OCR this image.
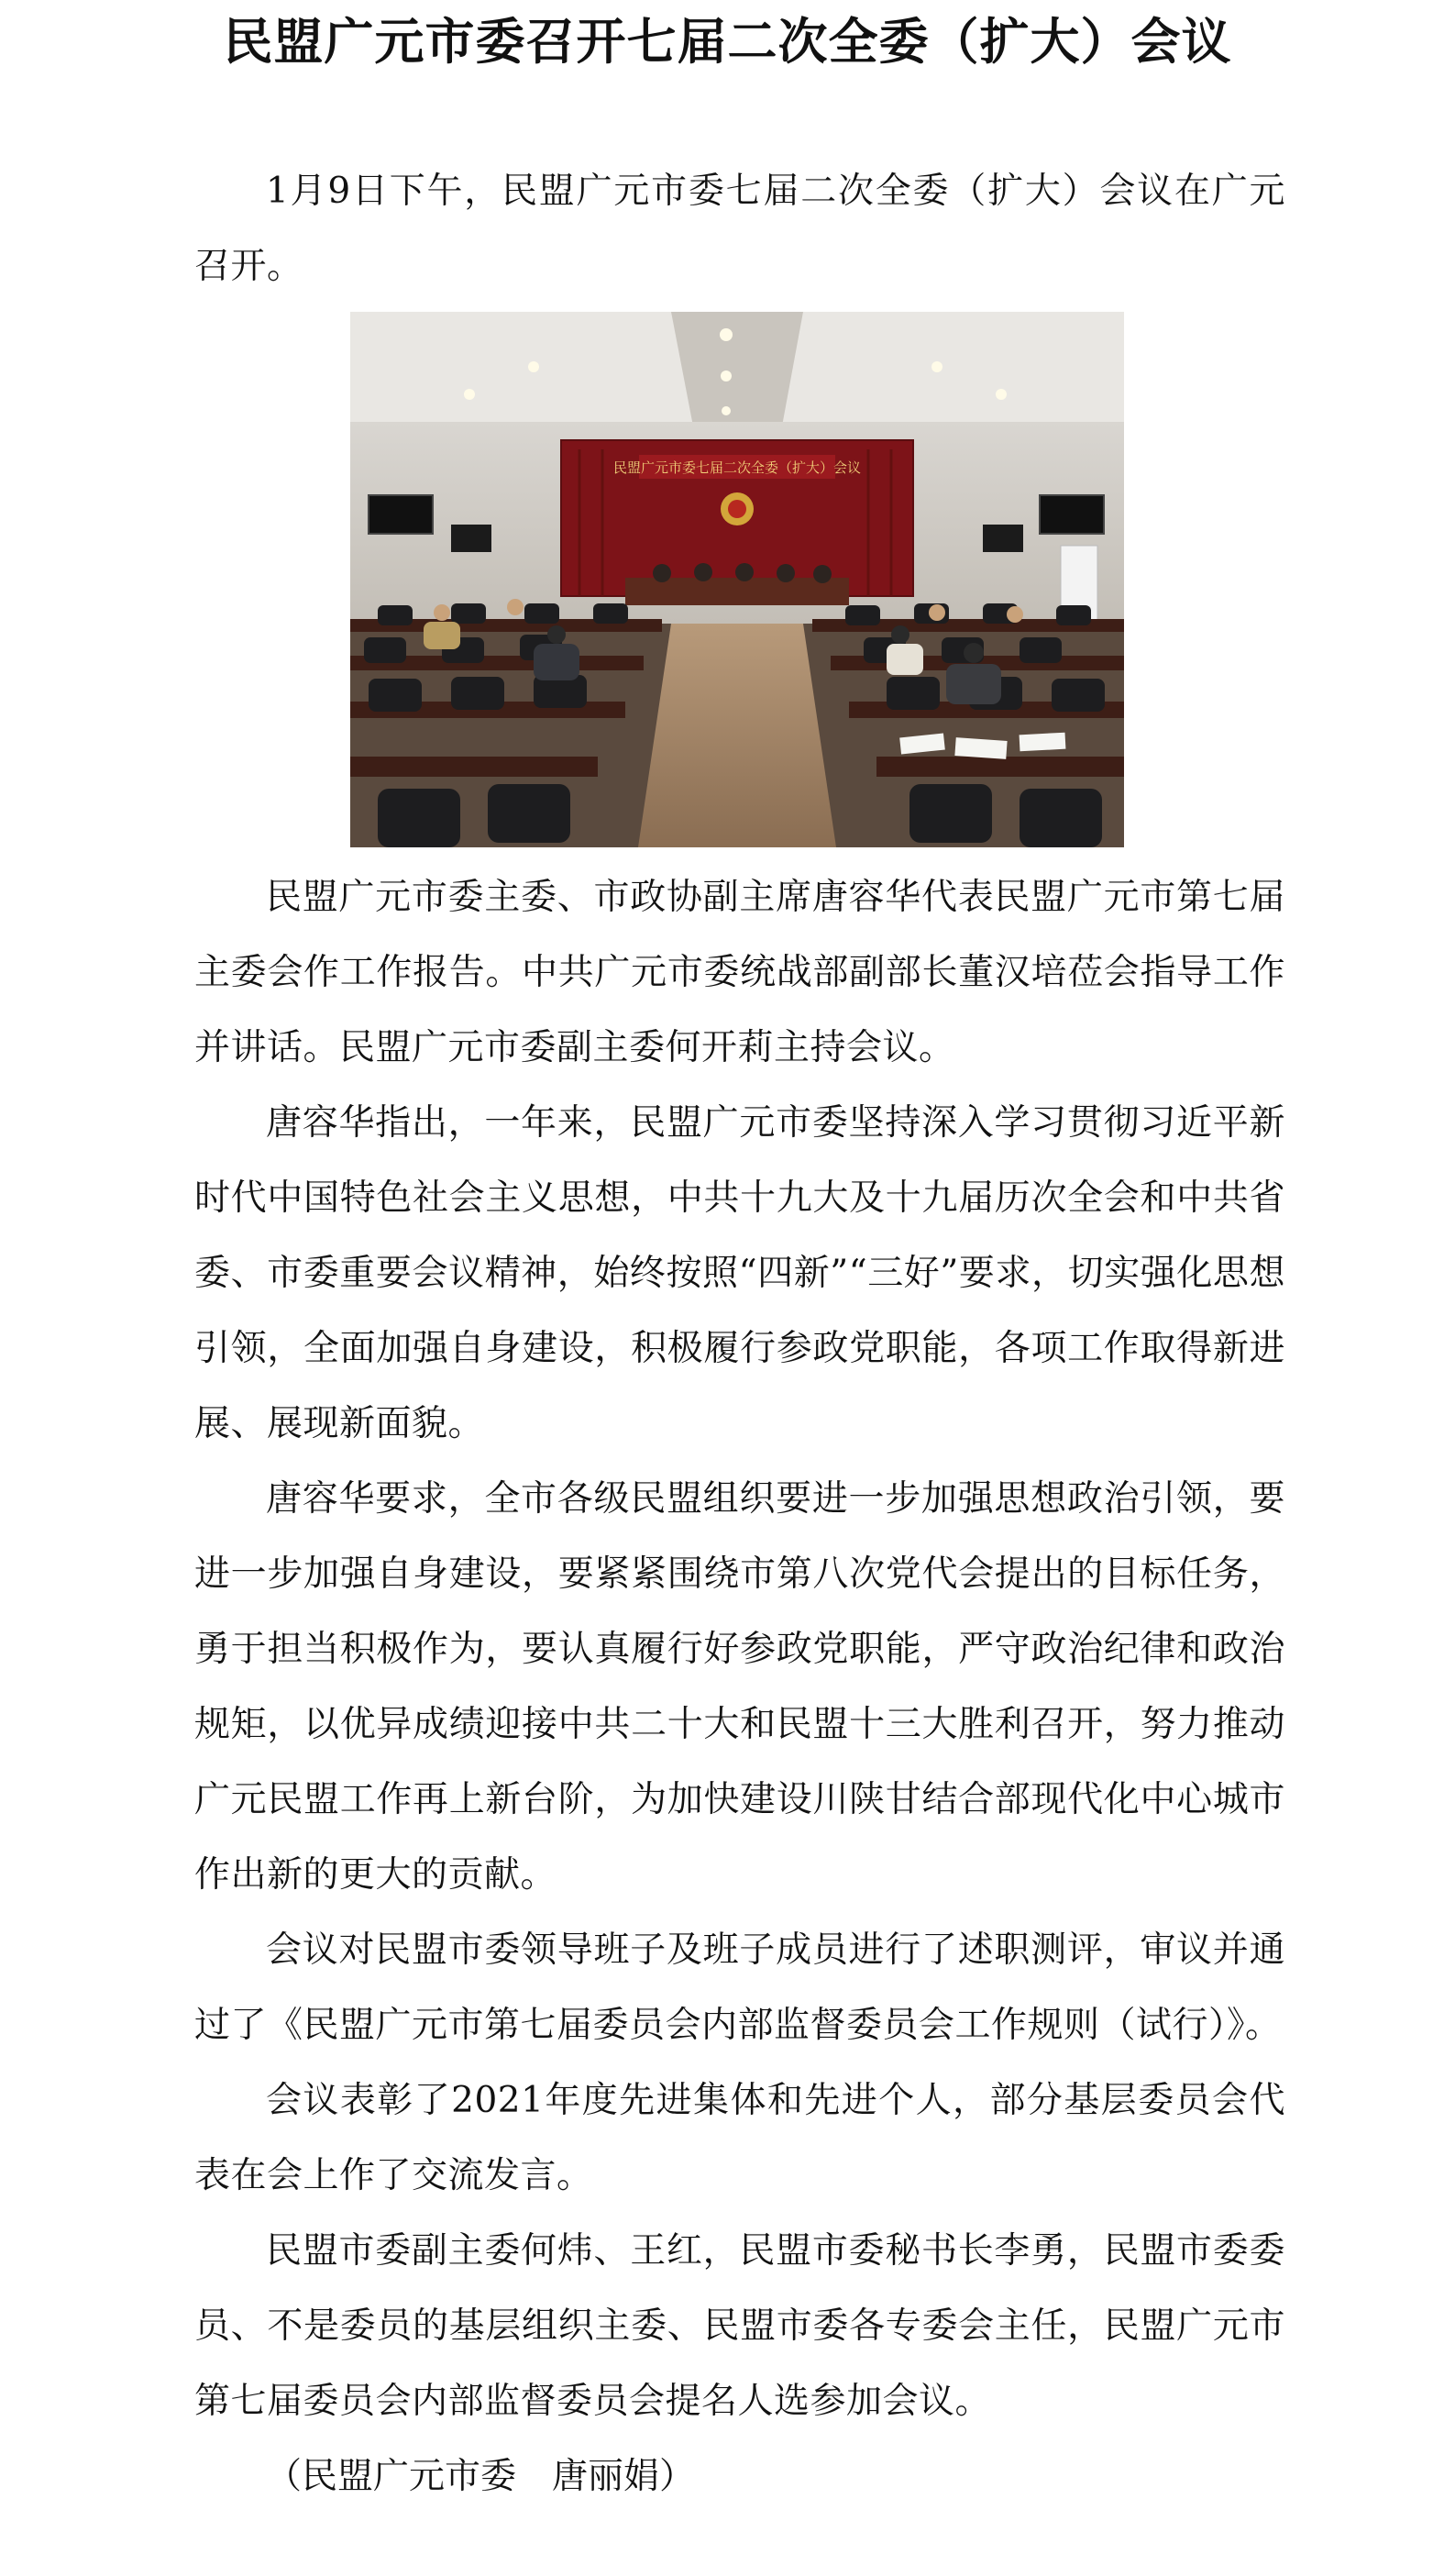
民盟广元市委召开七届二次全委（扩大）会议

1月9日下午，民盟广元市委七届二次全委（扩大）会议在广元召开。

民盟广元市委七届二次全委（扩大）会议

民盟广元市委主委、市政协副主席唐容华代表民盟广元市第七届主委会作工作报告。中共广元市委统战部副部长董汉培莅会指导工作并讲话。民盟广元市委副主委何开莉主持会议。

唐容华指出，一年来，民盟广元市委坚持深入学习贯彻习近平新时代中国特色社会主义思想，中共十九大及十九届历次全会和中共省委、市委重要会议精神，始终按照“四新”“三好”要求，切实强化思想引领，全面加强自身建设，积极履行参政党职能，各项工作取得新进展、展现新面貌。

唐容华要求，全市各级民盟组织要进一步加强思想政治引领，要进一步加强自身建设，要紧紧围绕市第八次党代会提出的目标任务，勇于担当积极作为，要认真履行好参政党职能，严守政治纪律和政治规矩，以优异成绩迎接中共二十大和民盟十三大胜利召开，努力推动广元民盟工作再上新台阶，为加快建设川陕甘结合部现代化中心城市作出新的更大的贡献。

会议对民盟市委领导班子及班子成员进行了述职测评，审议并通过了《民盟广元市第七届委员会内部监督委员会工作规则（试行）》。

会议表彰了2021年度先进集体和先进个人，部分基层委员会代表在会上作了交流发言。

民盟市委副主委何炜、王红，民盟市委秘书长李勇，民盟市委委员、不是委员的基层组织主委、民盟市委各专委会主任，民盟广元市第七届委员会内部监督委员会提名人选参加会议。

（民盟广元市委　唐丽娟）
